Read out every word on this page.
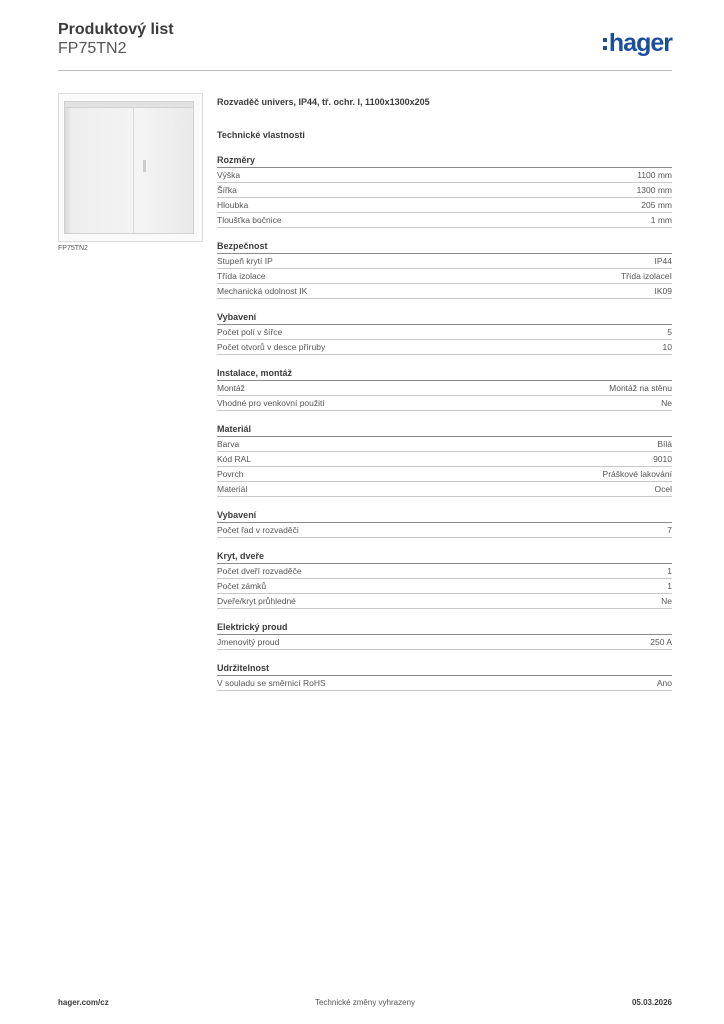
Produktový list
FP75TN2	hager
FP75TN2
Rozvaděč univers, IP44, tř. ochr. I, 1100x1300x205
Technické vlastnosti
Rozměry
Výška	1100 mm
Šířka	1300 mm
Hloubka	205 mm
Tloušťka bočnice	1 mm
Bezpečnost
Stupeň krytí IP	IP44
Třída izolace	Třída izolaceI
Mechanická odolnost IK	IK09
Vybavení
Počet polí v šířce	5
Počet otvorů v desce příruby	10
Instalace, montáž
Montáž	Montáž na stěnu
Vhodné pro venkovní použití	Ne
Materiál
Barva	Bílá
Kód RAL	9010
Povrch	Práškové lakování
Materiál	Ocel
Vybavení
Počet řad v rozvaděči	7
Kryt, dveře
Počet dveří rozvaděče	1
Počet zámků	1
Dveře/kryt průhledné	Ne
Elektrický proud
Jmenovitý proud	250 A
Udržitelnost
V souladu se směrnicí RoHS	Ano
hager.com/cz	Technické změny vyhrazeny	05.03.2026
